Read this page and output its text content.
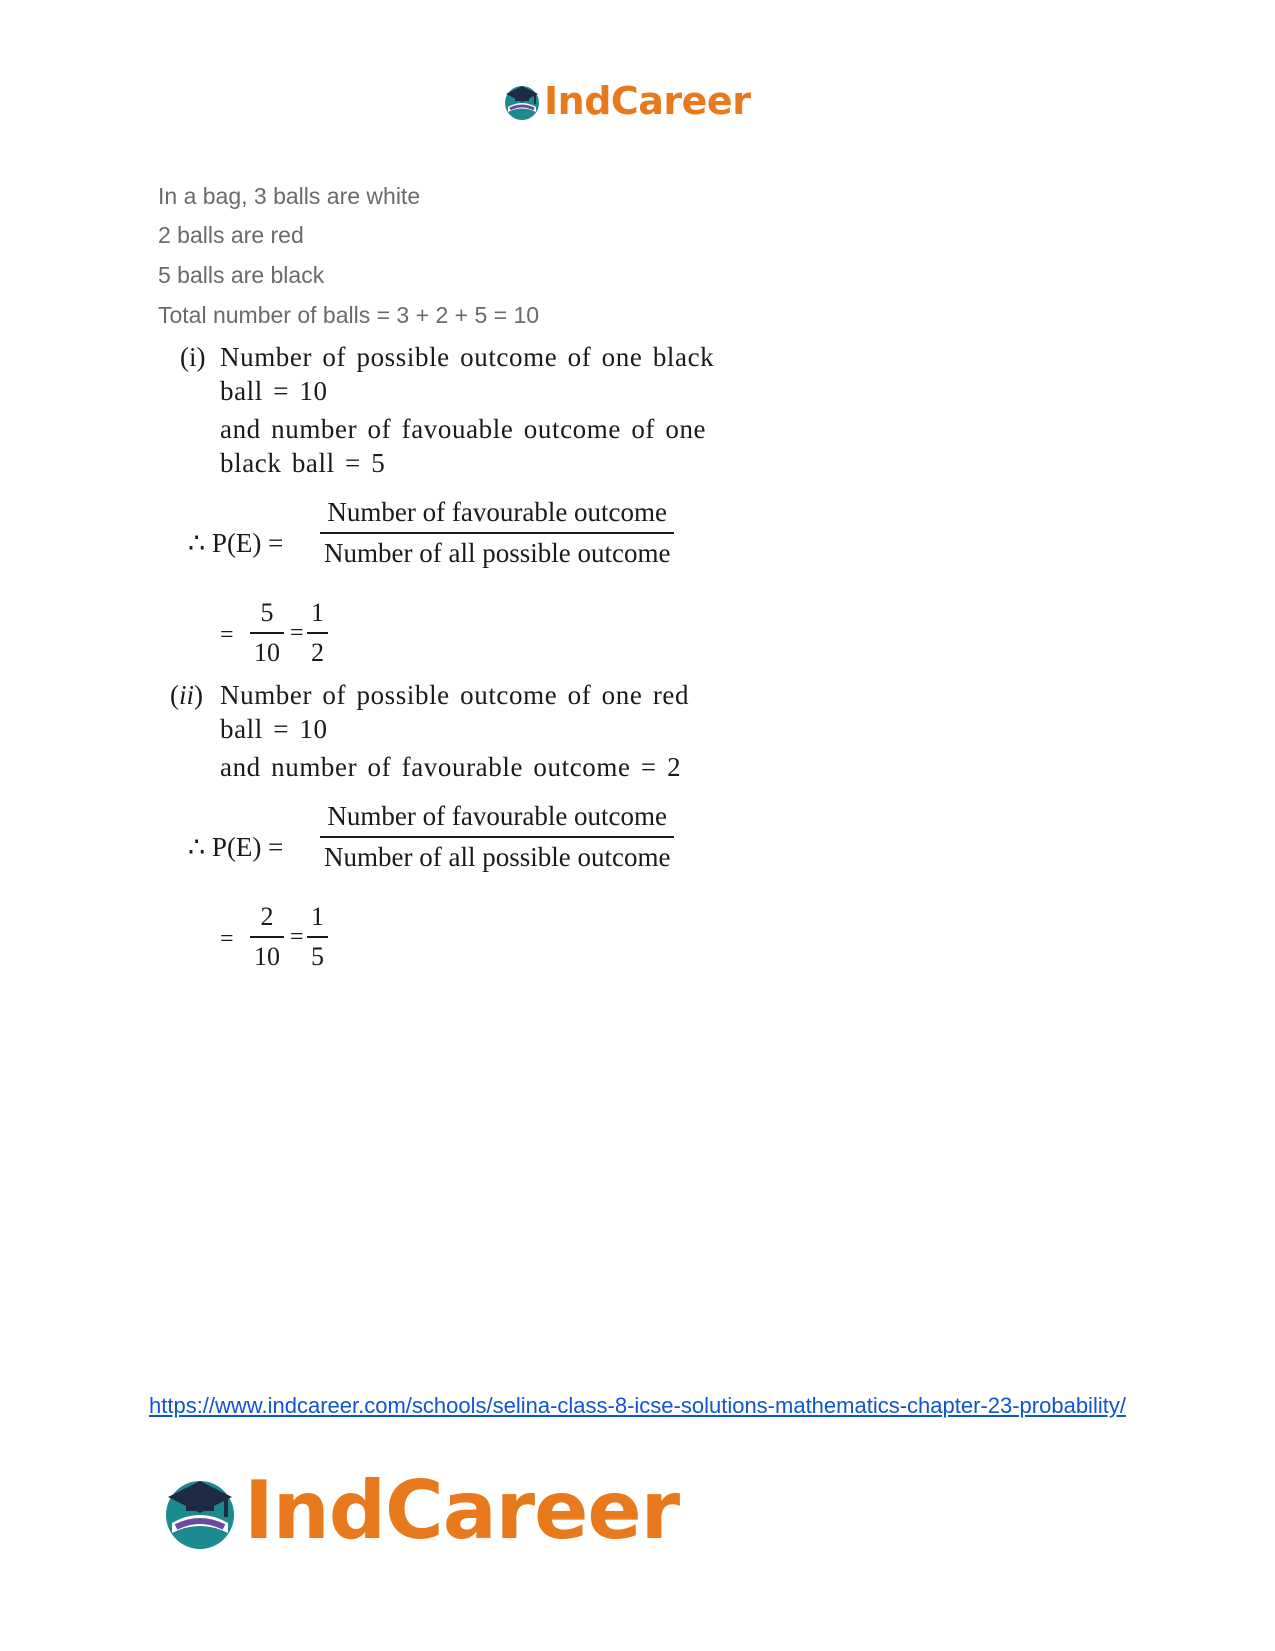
IndCareer
In a bag, 3 balls are white
2 balls are red
5 balls are black
Total number of balls = 3 + 2 + 5 = 10
(i) Number of possible outcome of one black
ball = 10
and number of favouable outcome of one
black ball = 5
∴ P(E) =
Number of favourable outcome
Number of all possible outcome
= $\frac{5}{10} = \frac{1}{2}$
(ii) Number of possible outcome of one red
ball = 10
and number of favourable outcome = 2
∴ P(E) =
Number of favourable outcome
Number of all possible outcome
= $\frac{2}{10} = \frac{1}{5}$
https://www.indcareer.com/schools/selina-class-8-icse-solutions-mathematics-chapter-23-probability/
IndCareer
